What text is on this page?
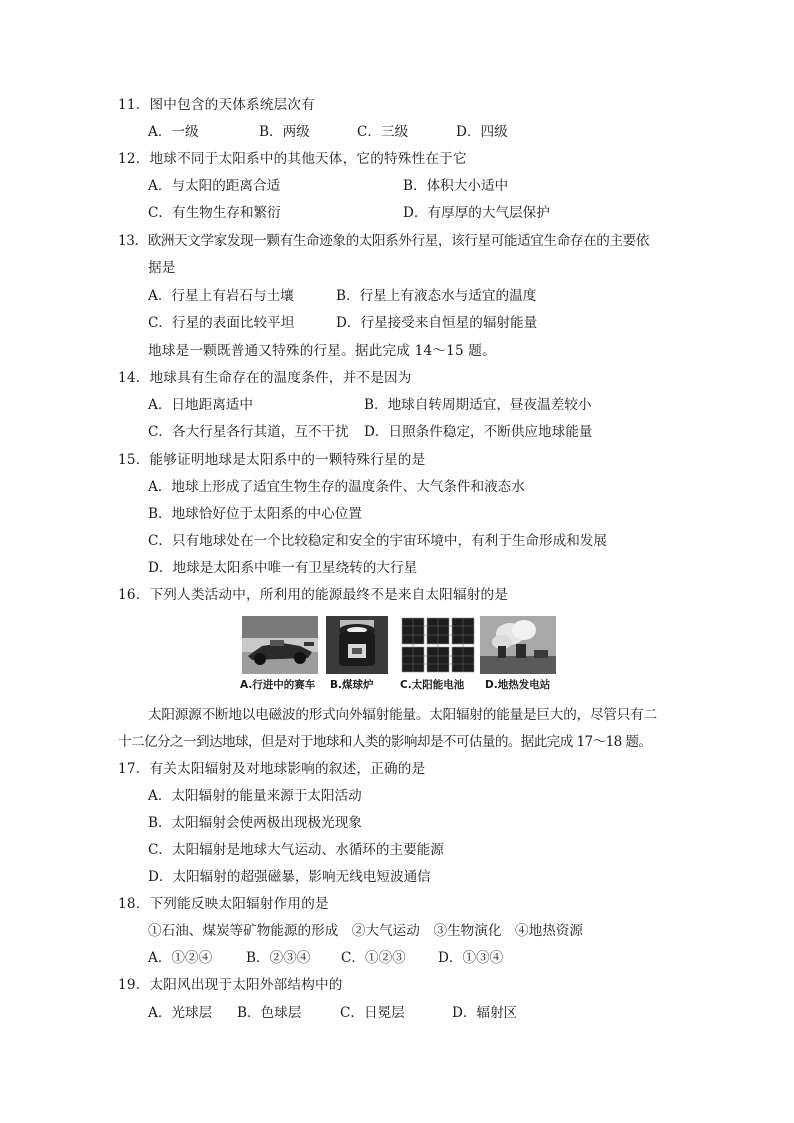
11．图中包含的天体系统层次有
A．一级	B．两级	C．三级	D．四级
12．地球不同于太阳系中的其他天体，它的特殊性在于它
A．与太阳的距离合适	B．体积大小适中
C．有生物生存和繁衍	D．有厚厚的大气层保护
13．欧洲天文学家发现一颗有生命迹象的太阳系外行星，该行星可能适宜生命存在的主要依
据是
A．行星上有岩石与土壤	B．行星上有液态水与适宜的温度
C．行星的表面比较平坦	D．行星接受来自恒星的辐射能量
地球是一颗既普通又特殊的行星。据此完成 14～15 题。
14．地球具有生命存在的温度条件，并不是因为
A．日地距离适中	B．地球自转周期适宜，昼夜温差较小
C．各大行星各行其道，互不干扰 D．日照条件稳定，不断供应地球能量
15．能够证明地球是太阳系中的一颗特殊行星的是
A．地球上形成了适宜生物生存的温度条件、大气条件和液态水
B．地球恰好位于太阳系的中心位置
C．只有地球处在一个比较稳定和安全的宇宙环境中，有利于生命形成和发展
D．地球是太阳系中唯一有卫星绕转的大行星
16．下列人类活动中，所利用的能源最终不是来自太阳辐射的是
A.行进中的赛车 B.煤球炉	C.太阳能电池 D.地热发电站
太阳源源不断地以电磁波的形式向外辐射能量。太阳辐射的能量是巨大的，尽管只有二
十二亿分之一到达地球，但是对于地球和人类的影响却是不可估量的。据此完成 17～18 题。
17．有关太阳辐射及对地球影响的叙述，正确的是
A．太阳辐射的能量来源于太阳活动
B．太阳辐射会使两极出现极光现象
C．太阳辐射是地球大气运动、水循环的主要能源
D．太阳辐射的超强磁暴，影响无线电短波通信
18．下列能反映太阳辐射作用的是
①石油、煤炭等矿物能源的形成　②大气运动　③生物演化　④地热资源
A．①②④ B．②③④ C．①②③ D．①③④
19．太阳风出现于太阳外部结构中的
A．光球层 B．色球层	C．日冕层	D．辐射区
